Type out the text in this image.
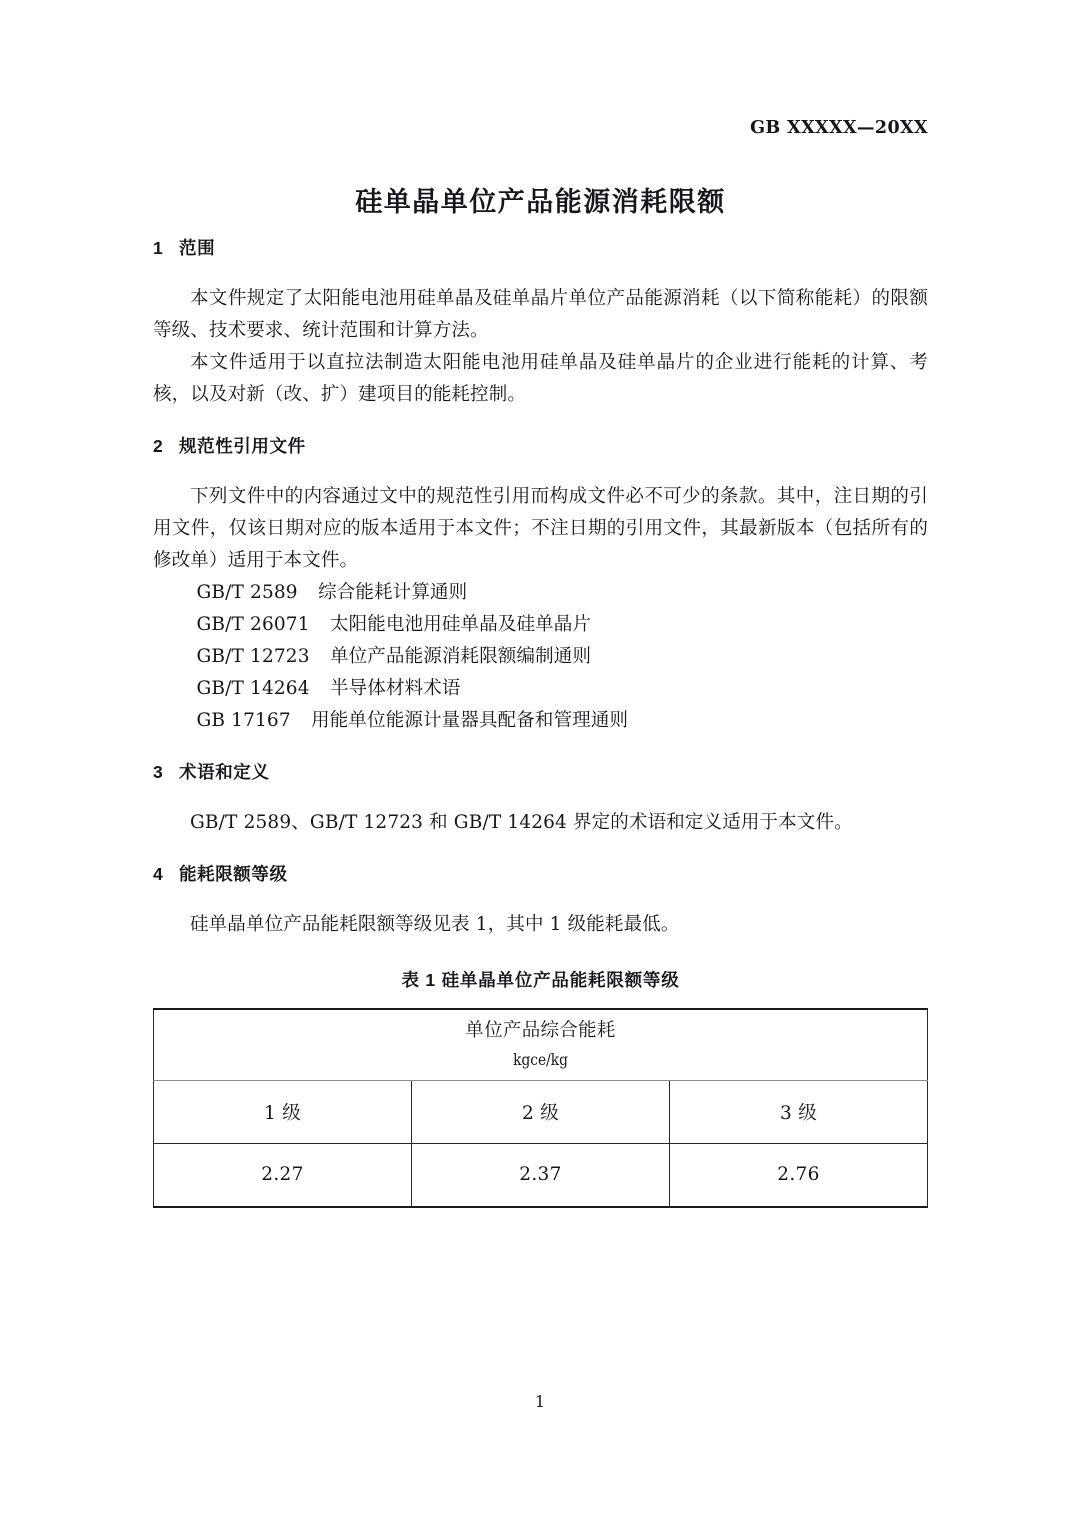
GB XXXXX—20XX
硅单晶单位产品能源消耗限额
1 范围

本文件规定了太阳能电池用硅单晶及硅单晶片单位产品能源消耗（以下简称能耗）的限额等级、技术要求、统计范围和计算方法。

本文件适用于以直拉法制造太阳能电池用硅单晶及硅单晶片的企业进行能耗的计算、考核，以及对新（改、扩）建项目的能耗控制。

2 规范性引用文件

下列文件中的内容通过文中的规范性引用而构成文件必不可少的条款。其中，注日期的引用文件，仅该日期对应的版本适用于本文件；不注日期的引用文件，其最新版本（包括所有的修改单）适用于本文件。

GB/T 2589 综合能耗计算通则
GB/T 26071 太阳能电池用硅单晶及硅单晶片
GB/T 12723 单位产品能源消耗限额编制通则
GB/T 14264 半导体材料术语
GB 17167 用能单位能源计量器具配备和管理通则
3 术语和定义

GB/T 2589、GB/T 12723 和 GB/T 14264 界定的术语和定义适用于本文件。

4 能耗限额等级

硅单晶单位产品能耗限额等级见表 1，其中 1 级能耗最低。

表 1 硅单晶单位产品能耗限额等级

单位产品综合能耗
kgce/kg		

1 级	2 级	3 级
2.27	2.37	2.76
1
